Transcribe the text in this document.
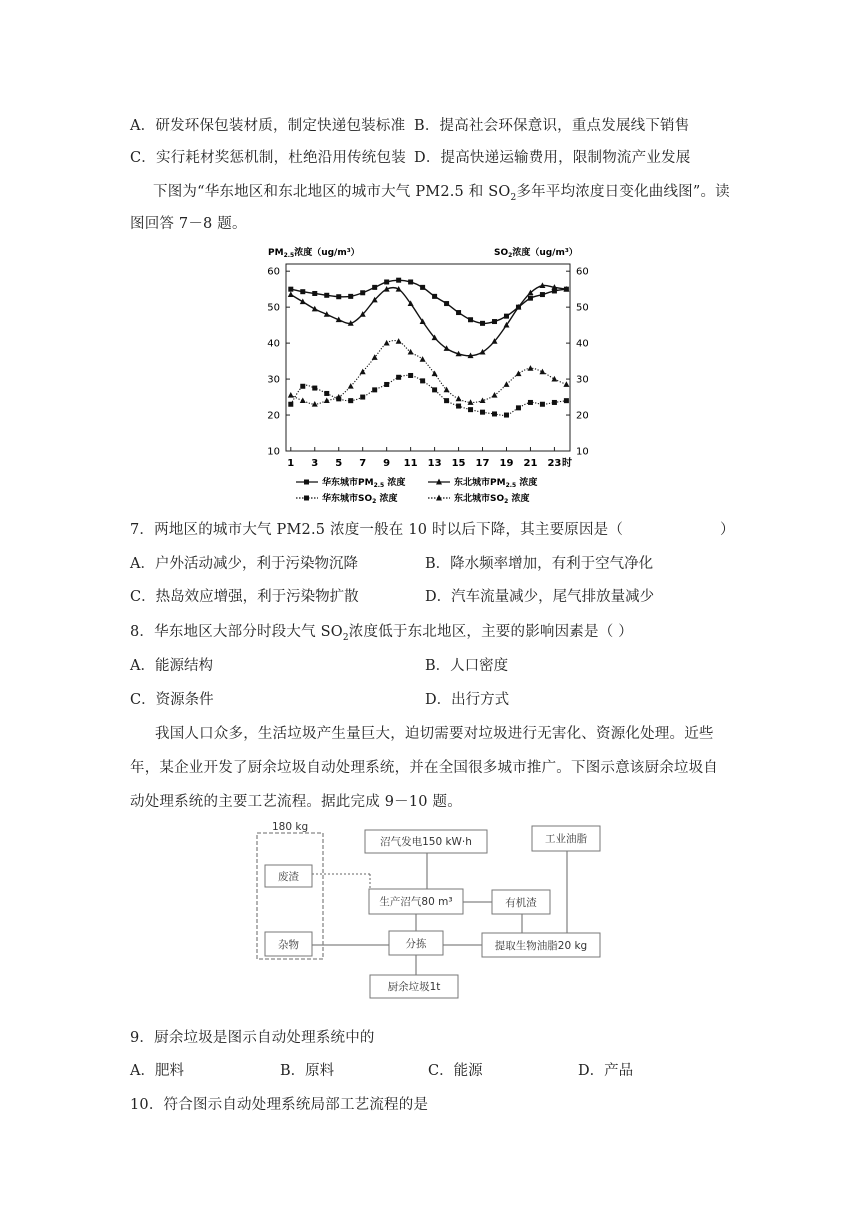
A．研发环保包装材质，制定快递包装标准 B．提高社会环保意识，重点发展线下销售
C．实行耗材奖惩机制，杜绝沿用传统包装 D．提高快递运输费用，限制物流产业发展
下图为“华东地区和东北地区的城市大气 PM2.5 和 $SO_2$多年平均浓度日变化曲线图”。读
图回答 7－8 题。
$PM_{2.5}$浓度（ug/m³）	$SO_2$浓度（ug/m³）
10
20
30
40
50
60
10
20
30
40
50
60
1 3 5 7 9 11 13 15 17 19 21 23 时
华东城市$PM_{2.5}$ 浓度	东北城市$PM_{2.5}$ 浓度
华东城市$SO_2$ 浓度	东北城市$SO_2$ 浓度
7．两地区的城市大气 PM2.5 浓度一般在 10 时以后下降，其主要原因是（	）
A．户外活动减少，利于污染物沉降	B．降水频率增加，有利于空气净化
C．热岛效应增强，利于污染物扩散	D．汽车流量减少，尾气排放量减少
8．华东地区大部分时段大气 $SO_2$浓度低于东北地区，主要的影响因素是（ ）
A．能源结构	B．人口密度
C．资源条件	D．出行方式
我国人口众多，生活垃圾产生量巨大，迫切需要对垃圾进行无害化、资源化处理。近些
年，某企业开发了厨余垃圾自动处理系统，并在全国很多城市推广。下图示意该厨余垃圾自
动处理系统的主要工艺流程。据此完成 9－10 题。
180 kg
废渣
杂物
沼气发电150 kW·h
生产沼气80 m³
分拣
厨余垃圾1t
有机渣
提取生物油脂20 kg
工业油脂
9．厨余垃圾是图示自动处理系统中的
A．肥料	B．原料	C．能源	D．产品
10．符合图示自动处理系统局部工艺流程的是
